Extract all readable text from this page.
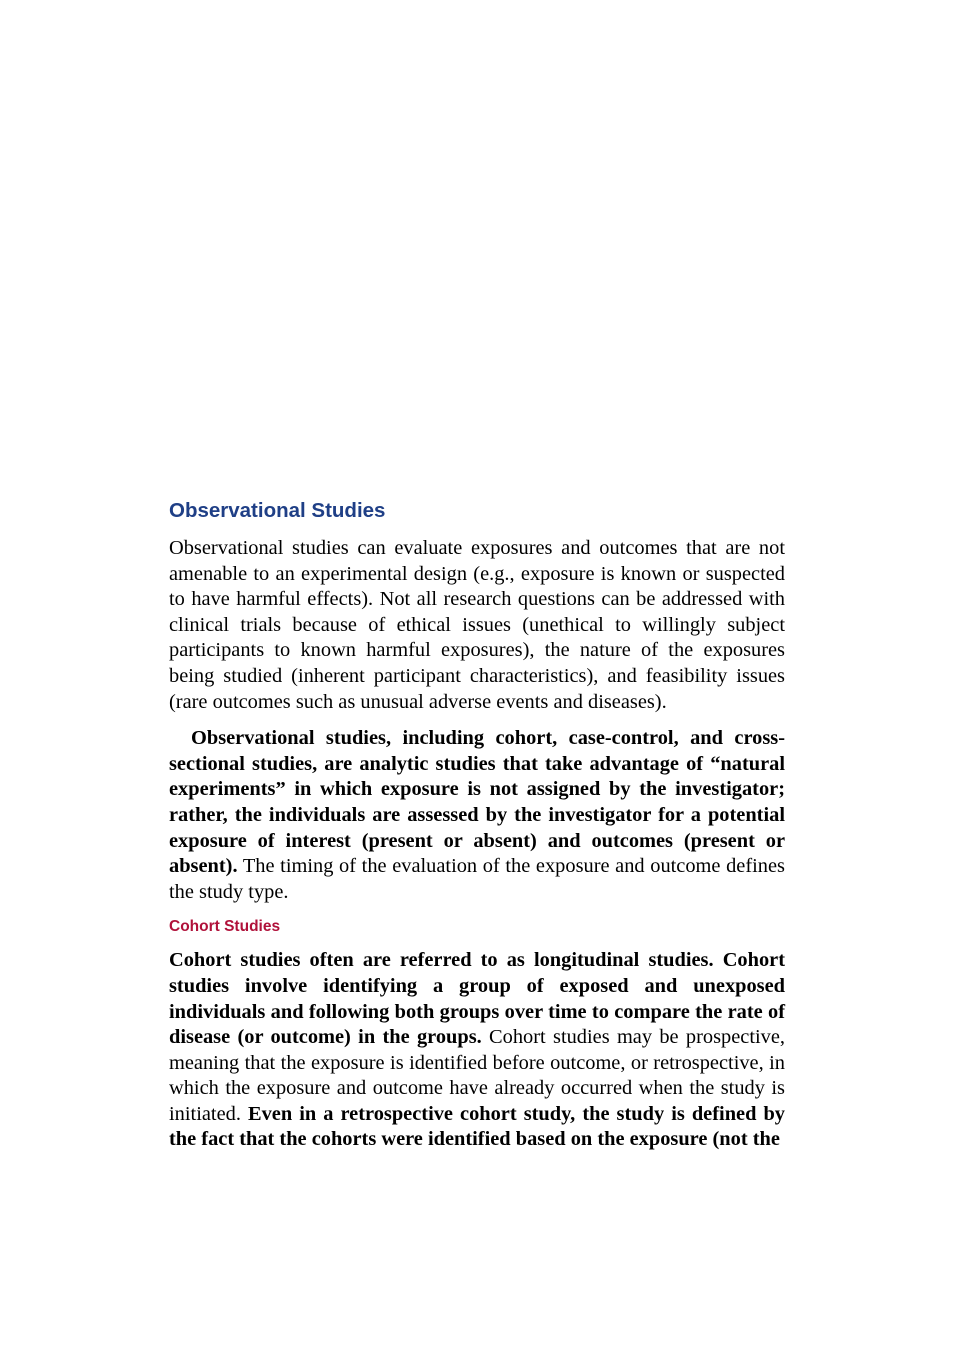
Observational Studies

Observational studies can evaluate exposures and outcomes that are not amenable to an experimental design (e.g., exposure is known or suspected to have harmful effects). Not all research questions can be addressed with clinical trials because of ethical issues (unethical to willingly subject participants to known harmful exposures), the nature of the exposures being studied (inherent participant characteristics), and feasibility issues (rare outcomes such as unusual adverse events and diseases).

Observational studies, including cohort, case-control, and cross-sectional studies, are analytic studies that take advantage of “natural experiments” in which exposure is not assigned by the investigator; rather, the individuals are assessed by the investigator for a potential exposure of interest (present or absent) and outcomes (present or absent). The timing of the evaluation of the exposure and outcome defines the study type.

Cohort Studies

Cohort studies often are referred to as longitudinal studies. Cohort studies involve identifying a group of exposed and unexposed individuals and following both groups over time to compare the rate of disease (or outcome) in the groups. Cohort studies may be prospective, meaning that the exposure is identified before outcome, or retrospective, in which the exposure and outcome have already occurred when the study is initiated. Even in a retrospective cohort study, the study is defined by the fact that the cohorts were identified based on the exposure (not the
